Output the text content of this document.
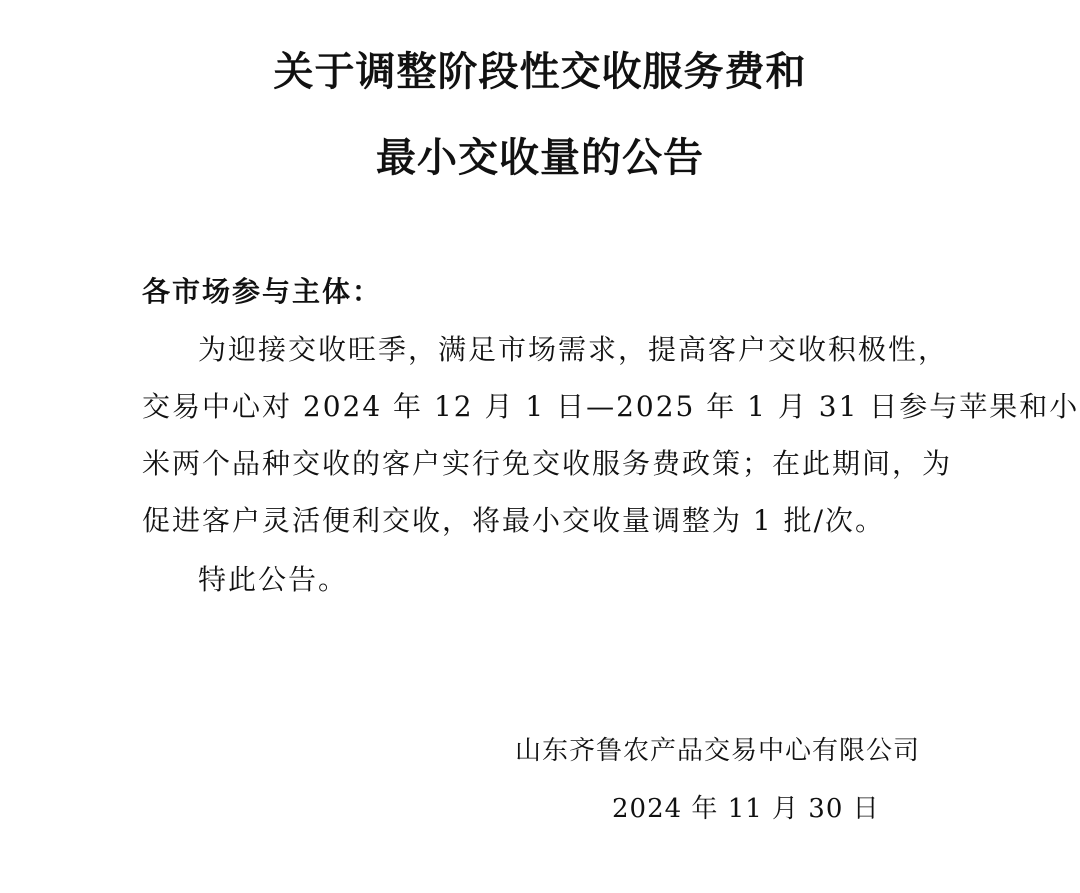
关于调整阶段性交收服务费和
最小交收量的公告
各市场参与主体：
为迎接交收旺季，满足市场需求，提高客户交收积极性，
交易中心对 2024 年 12 月 1 日—2025 年 1 月 31 日参与苹果和小
米两个品种交收的客户实行免交收服务费政策；在此期间，为
促进客户灵活便利交收，将最小交收量调整为 1 批/次。
特此公告。
山东齐鲁农产品交易中心有限公司
2024 年 11 月 30 日
